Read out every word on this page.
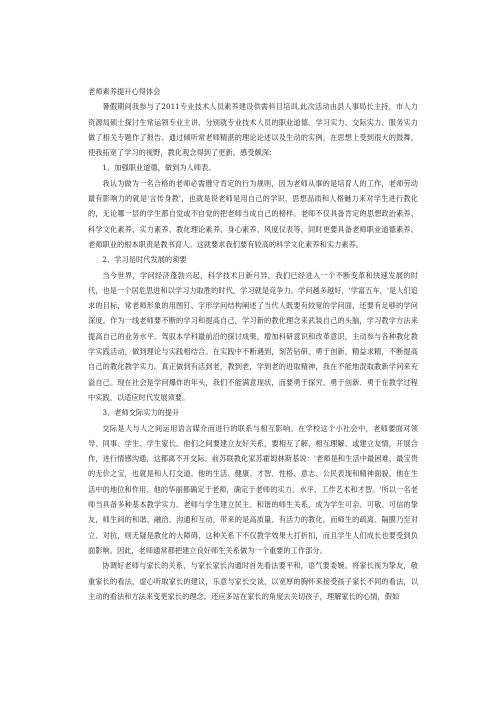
老师素养提升心得体会

暑假期间我参与了2011专业技术人员素养建设供需科目培训,此次活动由县人事局长主持，市人力资源局硕士探讨生常运领专业主讲，分别就专业技术人员的职业道德、学习实力、交际实力、服务实力做了相关专题作了报告。通过倾听常老师精湛的理论论述以及生动的实例，在思想上受到很大的鼓舞，使我拓宽了学习的视野，教化观念得到了更新。感受颇深：

1、加强职业道德，做到为人师表。

我认为做为一名合格的老师必需遵守肯定的行为规则，因为老师从事的是培育人的工作，老师劳动最有影响力的就是'言传身教'，也就是说老师是用自己的学识、思想品质和人格魅力来对学生进行教化的，无论哪一层的学生都自觉或不自觉的把老师当成自己的榜样。老师不仅具备肯定的思想政治素养、科学文化素养、实力素养、教化理论素养、身心素养、风度仪表等，同时更要具备老师职业道德素养。老师职业的根本职责是教书育人。这就要求我们要有较高的科学文化素养和实力素养。

2、学习是时代发展的须要

当今世界，学问经济蓬勃兴起，科学技术日新月异，我们已经进入一个不断变革和快速发展的时代，也是一个居危思进和以学习力取胜的时代，学习就是竞争力。学问越多越好，'学富五车，'是人们追求的目标，常老师形象的用图钉、字形学问结构阐述了当代人既要有较宽的学问面，还要有足够的学问深度。作为一线老师要不断的学习和提高自己，学习新的教化理念来武装自己的头脑，学习教学方法来提高自己的业务水平。驾驭本学科最前沿的探讨成果，增加科研意识和改革意识，主动参与各种教化教学实践活动，做到理论与实践相结合。在实践中不断遇到，刻苦钻研，勇于创新，精益求精，不断提高自己的教化教学实力。真正做到有活到老，教到老，学到老的进取精神，我在不能地混取教新学问来充溢自己。现在社会是学问爆炸的年头，我们不能满意现状，而要勇于探究、勇于创新、勇于在教学过程中实践，以适应时代发展须要。

3、老师交际实力的提升

交际是人与人之间运用语言媒介而进行的联系与相互影响。在学校这个小社会中，老师要面对领导、同事、学生、学生家长。他们之间要建立友好关系，要相互了解、相互理解、或建立友情，开展合作，进行情感沟通，这都离不开交际。前苏联教化家苏霍姆林斯基说：'老师是和生活中最困难、最宝贵的无价之宝，也就是和人打交道。他的生活、健康、才智、性格、意志、公民表现和精神面貌，他在生活中的地位和作用、他的华丽都确定于老师，确定于老师的实力、水平、工作艺术和才智。'所以一名老师当具备多种基本教学实力。老师与学生建立民主、和谐的师生关系，成为学生可亲、可敬、可信的挚友，师生间的和谐、融洽、沟通和互动，带来的是高质量、有活力的教化，而师生的疏离、隔膜乃至对立、对抗，则无疑是教化的大障碍，这种关系下不仅教学效果大打折扣，而且学生人们成长也要受到负面影响。因此，老师通常都把建立良好师生关系做为一个重要的工作部分。

协调好老师与家长的关系，与家长家长沟通时首先看法要平和，语气要委婉。将家长视为挚友，敬重家长的看法，虚心听取家长的建议，乐意与家长交谈，以宽厚的胸怀来接受孩子家长不同的看法，以主动的看法和方法来变更家长的理念。还应多站在家长的角度去关切孩子，理解家长的心情，假如
